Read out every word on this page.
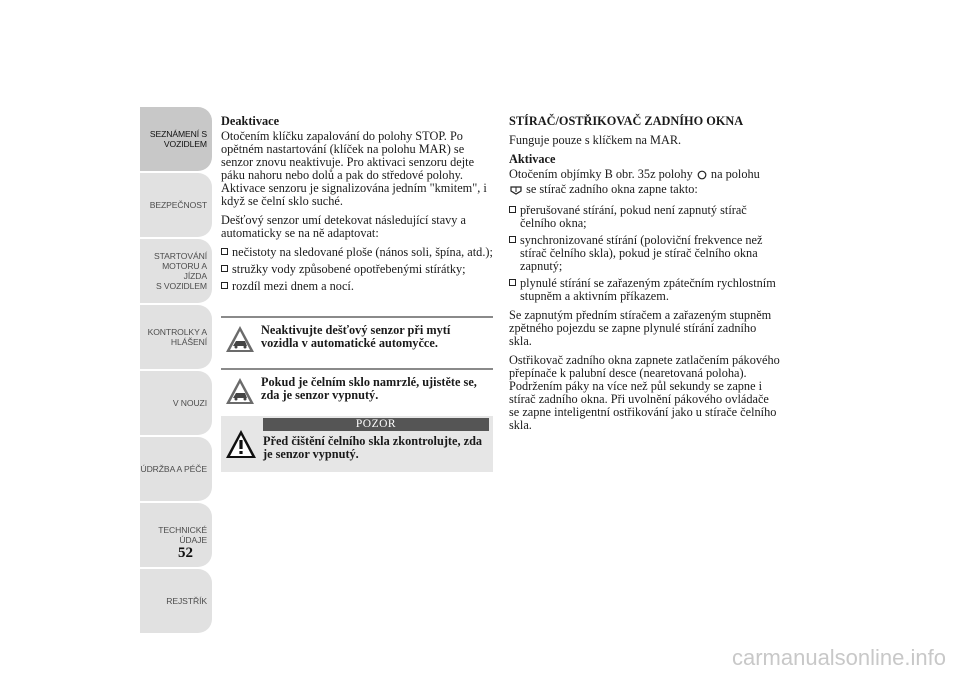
SEZNÁMENÍ S
VOZIDLEM
BEZPEČNOST
STARTOVÁNÍ
MOTORU A JÍZDA
S VOZIDLEM
KONTROLKY A
HLÁŠENÍ
V NOUZI
ÚDRŽBA A PÉČE
TECHNICKÉ
ÚDAJE
REJSTŘÍK
52
Deaktivace

Otočením klíčku zapalování do polohy STOP. Po opětném nastartování (klíček na polohu MAR) se senzor znovu neaktivuje. Pro aktivaci senzoru dejte páku nahoru nebo dolů a pak do středové polohy. Aktivace senzoru je signalizována jedním "kmitem", i když se čelní sklo suché.

Dešťový senzor umí detekovat následující stavy a automaticky se na ně adaptovat:

nečistoty na sledované ploše (nános soli, špína, atd.);
stružky vody způsobené opotřebenými stírátky;
rozdíl mezi dnem a nocí.
Neaktivujte dešťový senzor při mytí vozidla v automatické automyčce.
Pokud je čelním sklo namrzlé, ujistěte se, zda je senzor vypnutý.
POZOR
Před čištění čelního skla zkontrolujte, zda je senzor vypnutý.
STÍRAČ/OSTŘIKOVAČ ZADNÍHO OKNA

Funguje pouze s klíčkem na MAR.

Aktivace

Otočením objímky B obr. 35z polohy na polohu
se stírač zadního okna zapne takto:

přerušované stírání, pokud není zapnutý stírač čelního okna;
synchronizované stírání (poloviční frekvence než stírač čelního skla), pokud je stírač čelního okna zapnutý;
plynulé stírání se zařazeným zpátečním rychlostním stupněm a aktivním příkazem.

Se zapnutým předním stíračem a zařazeným stupněm zpětného pojezdu se zapne plynulé stírání zadního skla.

Ostřikovač zadního okna zapnete zatlačením pákového přepínače k palubní desce (nearetovaná poloha). Podržením páky na více než půl sekundy se zapne i stírač zadního okna. Při uvolnění pákového ovládače se zapne inteligentní ostřikování jako u stírače čelního skla.

carmanualsonline.info
